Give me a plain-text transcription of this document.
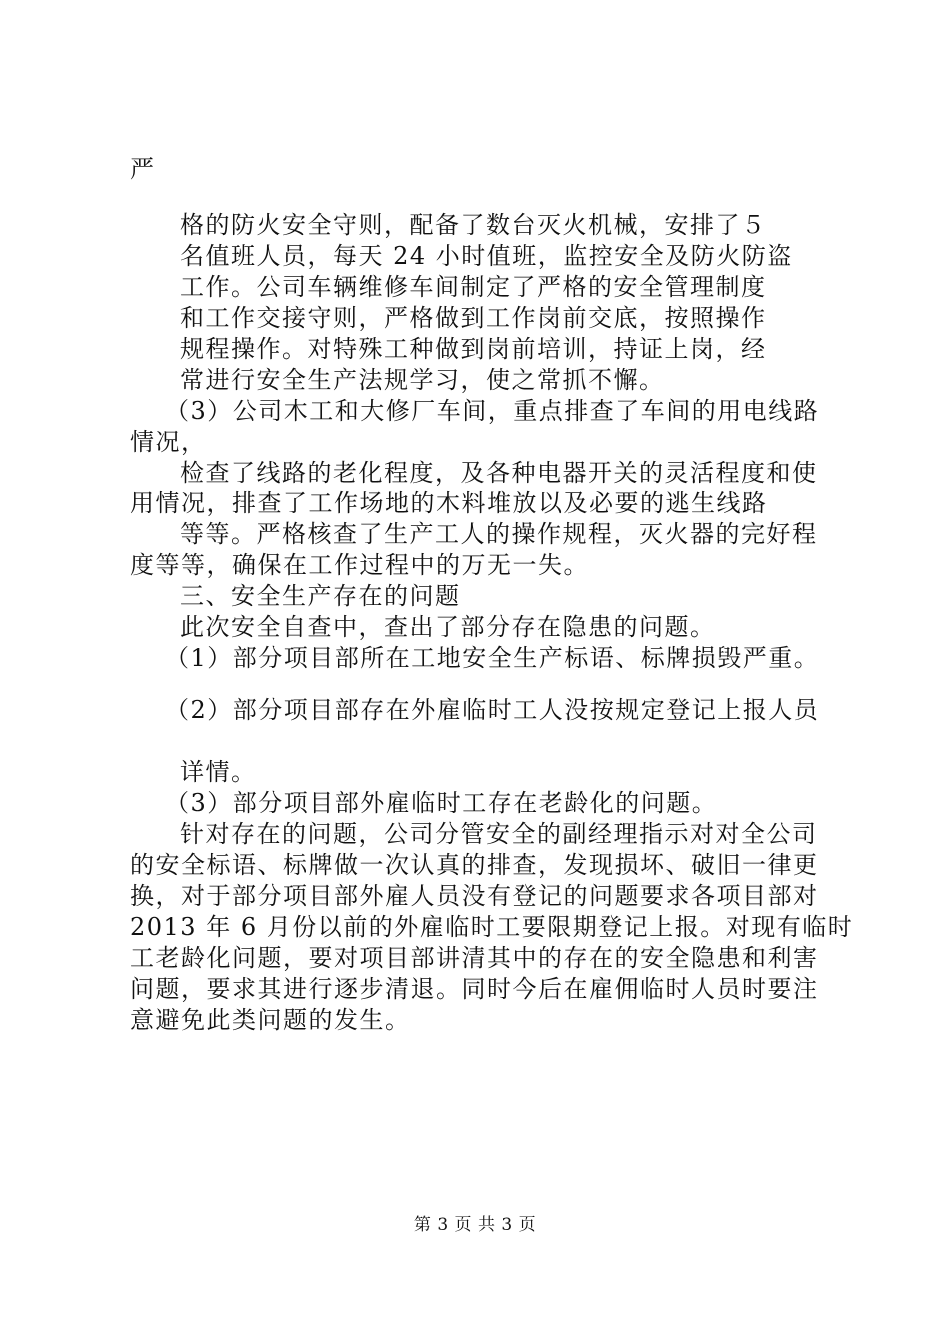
严
格的防火安全守则，配备了数台灭火机械，安排了５
名值班人员，每天 24 小时值班，监控安全及防火防盗
工作。公司车辆维修车间制定了严格的安全管理制度
和工作交接守则，严格做到工作岗前交底，按照操作
规程操作。对特殊工种做到岗前培训，持证上岗，经
常进行安全生产法规学习，使之常抓不懈。
（3）公司木工和大修厂车间，重点排查了车间的用电线路
情况，
检查了线路的老化程度，及各种电器开关的灵活程度和使
用情况，排查了工作场地的木料堆放以及必要的逃生线路
等等。严格核查了生产工人的操作规程，灭火器的完好程
度等等，确保在工作过程中的万无一失。
三、安全生产存在的问题
此次安全自查中，查出了部分存在隐患的问题。
（1）部分项目部所在工地安全生产标语、标牌损毁严重。
（2）部分项目部存在外雇临时工人没按规定登记上报人员
详情。
（3）部分项目部外雇临时工存在老龄化的问题。
针对存在的问题，公司分管安全的副经理指示对对全公司
的安全标语、标牌做一次认真的排查，发现损坏、破旧一律更
换，对于部分项目部外雇人员没有登记的问题要求各项目部对
2013 年 6 月份以前的外雇临时工要限期登记上报。对现有临时
工老龄化问题，要对项目部讲清其中的存在的安全隐患和利害
问题，要求其进行逐步清退。同时今后在雇佣临时人员时要注
意避免此类问题的发生。
第 3 页 共 3 页
